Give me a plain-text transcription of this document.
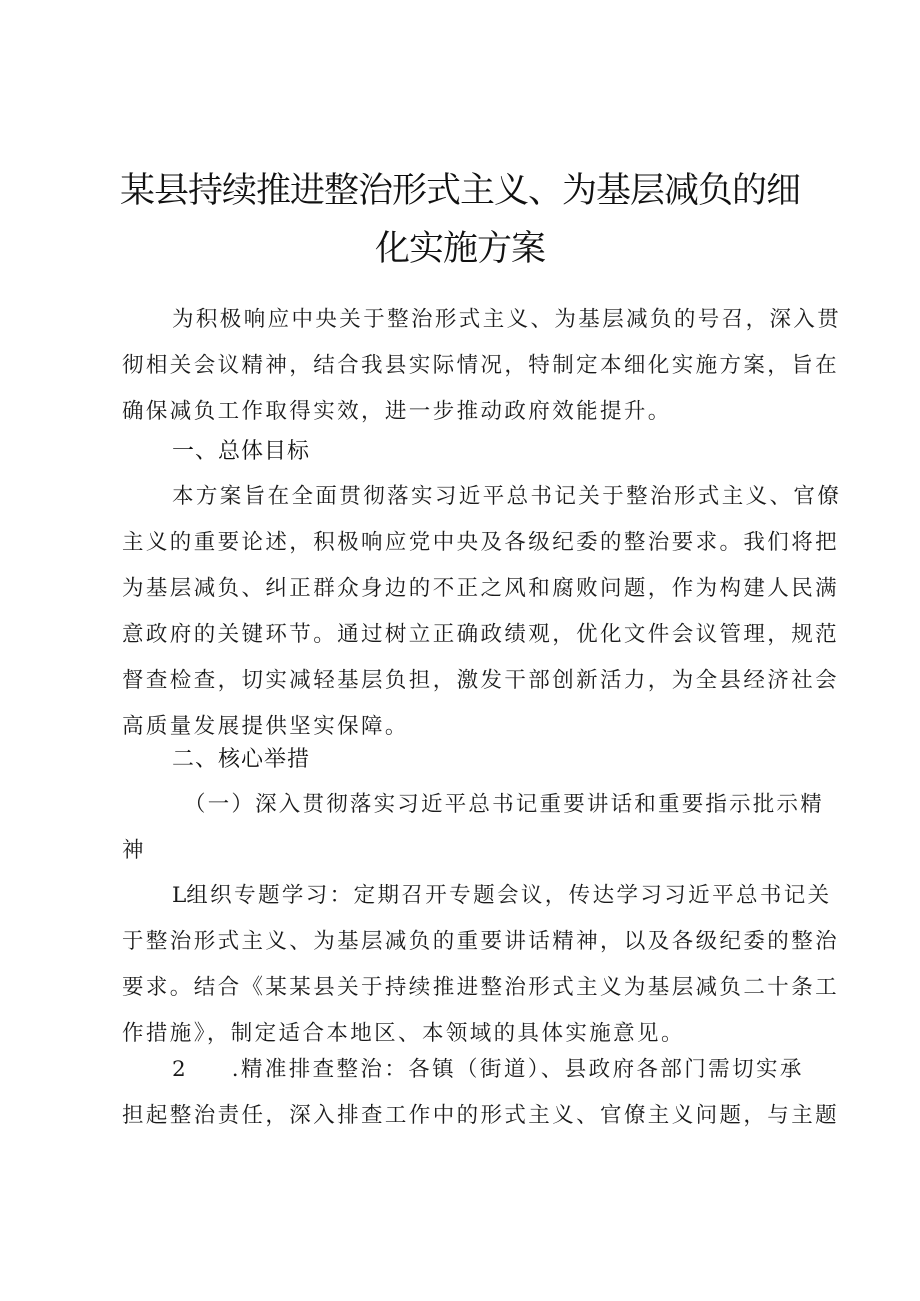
某县持续推进整治形式主义、为基层减负的细
化实施方案
为积极响应中央关于整治形式主义、为基层减负的号召，深入贯
彻相关会议精神，结合我县实际情况，特制定本细化实施方案，旨在
确保减负工作取得实效，进一步推动政府效能提升。
一、总体目标
本方案旨在全面贯彻落实习近平总书记关于整治形式主义、官僚
主义的重要论述，积极响应党中央及各级纪委的整治要求。我们将把
为基层减负、纠正群众身边的不正之风和腐败问题，作为构建人民满
意政府的关键环节。通过树立正确政绩观，优化文件会议管理，规范
督查检查，切实减轻基层负担，激发干部创新活力，为全县经济社会
高质量发展提供坚实保障。
二、核心举措
（一）深入贯彻落实习近平总书记重要讲话和重要指示批示精
神
L组织专题学习：定期召开专题会议，传达学习习近平总书记关
于整治形式主义、为基层减负的重要讲话精神，以及各级纪委的整治
要求。结合《某某县关于持续推进整治形式主义为基层减负二十条工
作措施》，制定适合本地区、本领域的具体实施意见。
2 .精准排查整治：各镇（街道）、县政府各部门需切实承
担起整治责任，深入排查工作中的形式主义、官僚主义问题，与主题
